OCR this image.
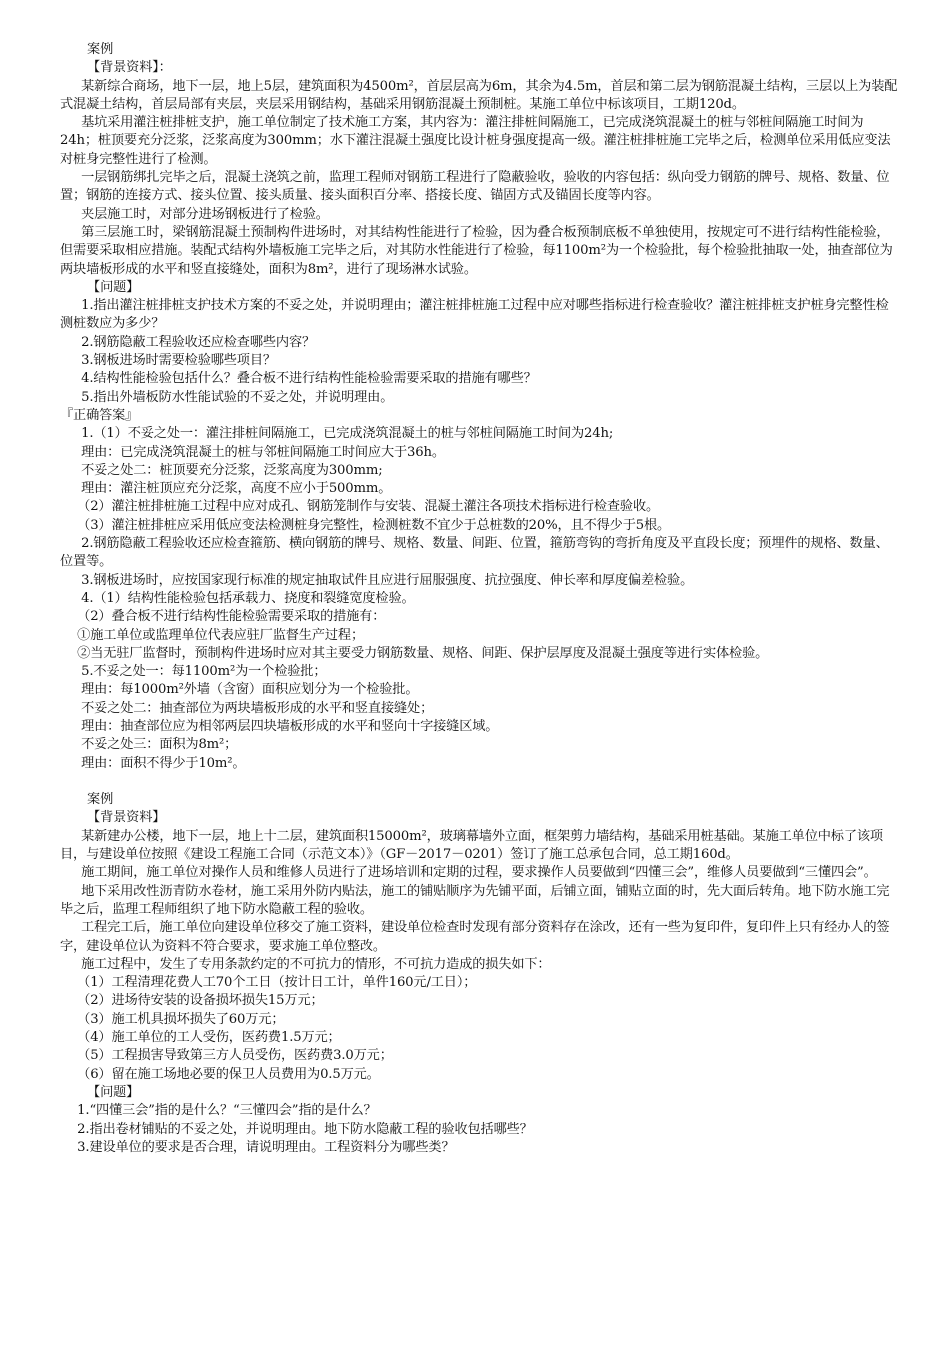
案例

【背景资料】：

某新综合商场，地下一层，地上5层，建筑面积为4500m²，首层层高为6m，其余为4.5m，首层和第二层为钢筋混凝土结构，三层以上为装配式混凝土结构，首层局部有夹层，夹层采用钢结构，基础采用钢筋混凝土预制桩。某施工单位中标该项目，工期120d。

基坑采用灌注桩排桩支护，施工单位制定了技术施工方案，其内容为：灌注排桩间隔施工，已完成浇筑混凝土的桩与邻桩间隔施工时间为24h；桩顶要充分泛浆，泛浆高度为300mm；水下灌注混凝土强度比设计桩身强度提高一级。灌注桩排桩施工完毕之后，检测单位采用低应变法对桩身完整性进行了检测。

一层钢筋绑扎完毕之后，混凝土浇筑之前，监理工程师对钢筋工程进行了隐蔽验收，验收的内容包括：纵向受力钢筋的牌号、规格、数量、位置；钢筋的连接方式、接头位置、接头质量、接头面积百分率、搭接长度、锚固方式及锚固长度等内容。

夹层施工时，对部分进场钢板进行了检验。

第三层施工时，梁钢筋混凝土预制构件进场时，对其结构性能进行了检验，因为叠合板预制底板不单独使用，按规定可不进行结构性能检验，但需要采取相应措施。装配式结构外墙板施工完毕之后，对其防水性能进行了检验，每1100m²为一个检验批，每个检验批抽取一处，抽查部位为两块墙板形成的水平和竖直接缝处，面积为8m²，进行了现场淋水试验。

【问题】

1.指出灌注桩排桩支护技术方案的不妥之处，并说明理由；灌注桩排桩施工过程中应对哪些指标进行检查验收？灌注桩排桩支护桩身完整性检测桩数应为多少？

2.钢筋隐蔽工程验收还应检查哪些内容？

3.钢板进场时需要检验哪些项目？

4.结构性能检验包括什么？叠合板不进行结构性能检验需要采取的措施有哪些？

5.指出外墙板防水性能试验的不妥之处，并说明理由。

『正确答案』

1.（1）不妥之处一：灌注排桩间隔施工，已完成浇筑混凝土的桩与邻桩间隔施工时间为24h;

理由：已完成浇筑混凝土的桩与邻桩间隔施工时间应大于36h。

不妥之处二：桩顶要充分泛浆，泛浆高度为300mm;

理由：灌注桩顶应充分泛浆，高度不应小于500mm。

（2）灌注桩排桩施工过程中应对成孔、钢筋笼制作与安装、混凝土灌注各项技术指标进行检查验收。

（3）灌注桩排桩应采用低应变法检测桩身完整性，检测桩数不宜少于总桩数的20%，且不得少于5根。

2.钢筋隐蔽工程验收还应检查箍筋、横向钢筋的牌号、规格、数量、间距、位置，箍筋弯钩的弯折角度及平直段长度；预埋件的规格、数量、位置等。

3.钢板进场时，应按国家现行标准的规定抽取试件且应进行屈服强度、抗拉强度、伸长率和厚度偏差检验。

4.（1）结构性能检验包括承载力、挠度和裂缝宽度检验。

（2）叠合板不进行结构性能检验需要采取的措施有：

①施工单位或监理单位代表应驻厂监督生产过程；

②当无驻厂监督时，预制构件进场时应对其主要受力钢筋数量、规格、间距、保护层厚度及混凝土强度等进行实体检验。

5.不妥之处一：每1100m²为一个检验批；

理由：每1000m²外墙（含窗）面积应划分为一个检验批。

不妥之处二：抽查部位为两块墙板形成的水平和竖直接缝处；

理由：抽查部位应为相邻两层四块墙板形成的水平和竖向十字接缝区域。

不妥之处三：面积为8m²；

理由：面积不得少于10m²。

案例

【背景资料】

某新建办公楼，地下一层，地上十二层，建筑面积15000m²，玻璃幕墙外立面，框架剪力墙结构，基础采用桩基础。某施工单位中标了该项目，与建设单位按照《建设工程施工合同（示范文本）》（GF－2017－0201）签订了施工总承包合同，总工期160d。

施工期间，施工单位对操作人员和维修人员进行了进场培训和定期的过程，要求操作人员要做到“四懂三会”，维修人员要做到“三懂四会”。

地下采用改性沥青防水卷材，施工采用外防内贴法，施工的铺贴顺序为先铺平面，后铺立面，铺贴立面的时，先大面后转角。地下防水施工完毕之后，监理工程师组织了地下防水隐蔽工程的验收。

工程完工后，施工单位向建设单位移交了施工资料，建设单位检查时发现有部分资料存在涂改，还有一些为复印件，复印件上只有经办人的签字，建设单位认为资料不符合要求，要求施工单位整改。

施工过程中，发生了专用条款约定的不可抗力的情形，不可抗力造成的损失如下：

（1）工程清理花费人工70个工日（按计日工计，单件160元/工日）；

（2）进场待安装的设备损坏损失15万元；

（3）施工机具损坏损失了60万元；

（4）施工单位的工人受伤，医药费1.5万元；

（5）工程损害导致第三方人员受伤，医药费3.0万元；

（6）留在施工场地必要的保卫人员费用为0.5万元。

【问题】

1.“四懂三会”指的是什么？“三懂四会”指的是什么？

2.指出卷材铺贴的不妥之处，并说明理由。地下防水隐蔽工程的验收包括哪些？

3.建设单位的要求是否合理，请说明理由。工程资料分为哪些类？
